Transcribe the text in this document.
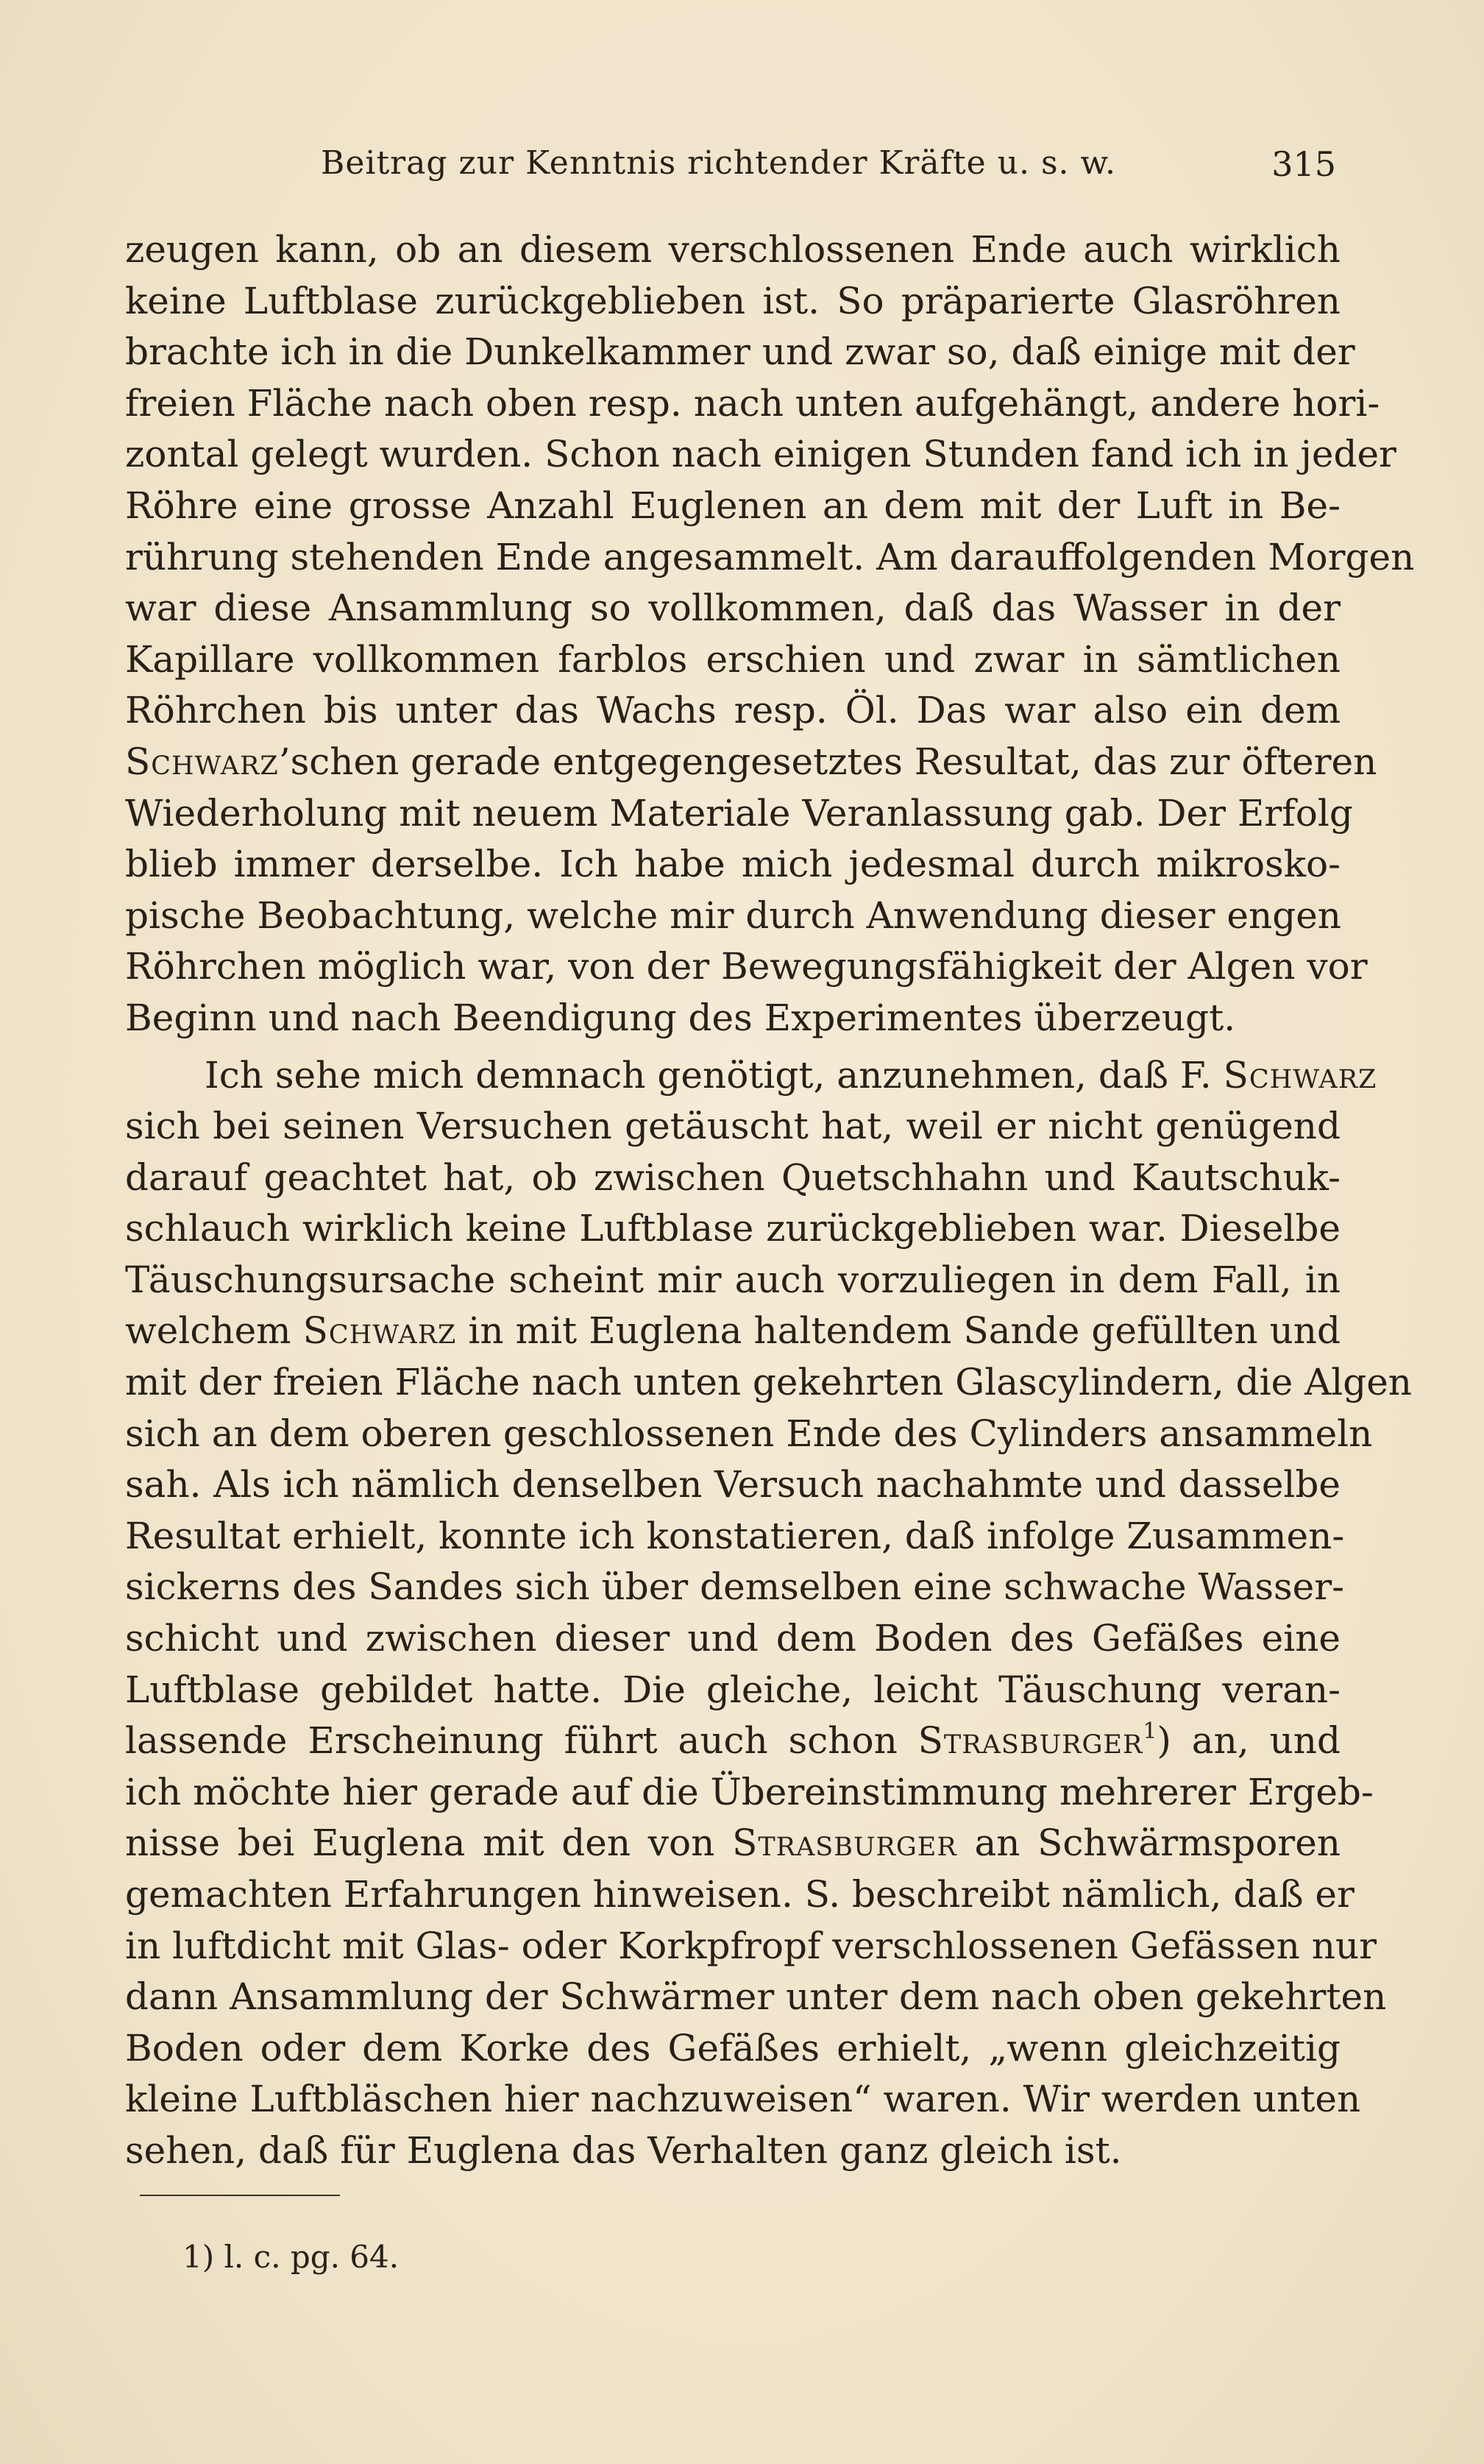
Beitrag zur Kenntnis richtender Kräfte u. s. w.	315

zeugen kann, ob an diesem verschlossenen Ende auch wirklich
keine Luftblase zurückgeblieben ist. So präparierte Glasröhren
brachte ich in die Dunkelkammer und zwar so, daß einige mit der
freien Fläche nach oben resp. nach unten aufgehängt, andere hori-
zontal gelegt wurden. Schon nach einigen Stunden fand ich in jeder
Röhre eine grosse Anzahl Euglenen an dem mit der Luft in Be-
rührung stehenden Ende angesammelt. Am darauffolgenden Morgen
war diese Ansammlung so vollkommen, daß das Wasser in der
Kapillare vollkommen farblos erschien und zwar in sämtlichen
Röhrchen bis unter das Wachs resp. Öl. Das war also ein dem
Schwarz’schen gerade entgegengesetztes Resultat, das zur öfteren
Wiederholung mit neuem Materiale Veranlassung gab. Der Erfolg
blieb immer derselbe. Ich habe mich jedesmal durch mikrosko-
pische Beobachtung, welche mir durch Anwendung dieser engen
Röhrchen möglich war, von der Bewegungsfähigkeit der Algen vor
Beginn und nach Beendigung des Experimentes überzeugt.

Ich sehe mich demnach genötigt, anzunehmen, daß F. Schwarz
sich bei seinen Versuchen getäuscht hat, weil er nicht genügend
darauf geachtet hat, ob zwischen Quetschhahn und Kautschuk-
schlauch wirklich keine Luftblase zurückgeblieben war. Dieselbe
Täuschungsursache scheint mir auch vorzuliegen in dem Fall, in
welchem Schwarz in mit Euglena haltendem Sande gefüllten und
mit der freien Fläche nach unten gekehrten Glascylindern, die Algen
sich an dem oberen geschlossenen Ende des Cylinders ansammeln
sah. Als ich nämlich denselben Versuch nachahmte und dasselbe
Resultat erhielt, konnte ich konstatieren, daß infolge Zusammen-
sickerns des Sandes sich über demselben eine schwache Wasser-
schicht und zwischen dieser und dem Boden des Gefäßes eine
Luftblase gebildet hatte. Die gleiche, leicht Täuschung veran-
lassende Erscheinung führt auch schon Strasburger$^1$) an, und
ich möchte hier gerade auf die Übereinstimmung mehrerer Ergeb-
nisse bei Euglena mit den von Strasburger an Schwärmsporen
gemachten Erfahrungen hinweisen. S. beschreibt nämlich, daß er
in luftdicht mit Glas- oder Korkpfropf verschlossenen Gefässen nur
dann Ansammlung der Schwärmer unter dem nach oben gekehrten
Boden oder dem Korke des Gefäßes erhielt, „wenn gleichzeitig
kleine Luftbläschen hier nachzuweisen“ waren. Wir werden unten
sehen, daß für Euglena das Verhalten ganz gleich ist.

1) l. c. pg. 64.
